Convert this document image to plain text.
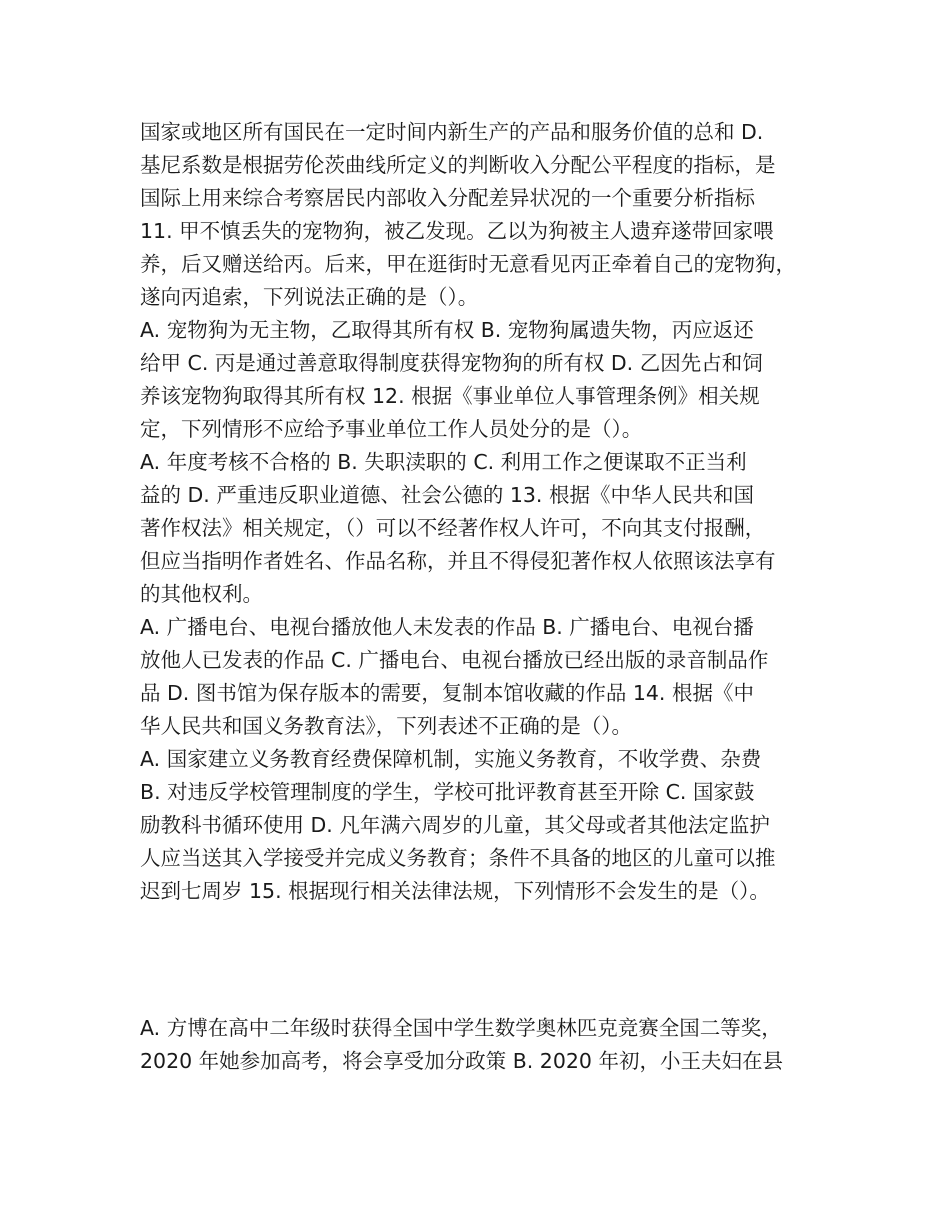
国家或地区所有国民在一定时间内新生产的产品和服务价值的总和 D.
基尼系数是根据劳伦茨曲线所定义的判断收入分配公平程度的指标，是
国际上用来综合考察居民内部收入分配差异状况的一个重要分析指标
11. 甲不慎丢失的宠物狗，被乙发现。乙以为狗被主人遗弃遂带回家喂
养，后又赠送给丙。后来，甲在逛街时无意看见丙正牵着自己的宠物狗，
遂向丙追索，下列说法正确的是（）。
A. 宠物狗为无主物，乙取得其所有权 B. 宠物狗属遗失物，丙应返还
给甲 C. 丙是通过善意取得制度获得宠物狗的所有权 D. 乙因先占和饲
养该宠物狗取得其所有权 12. 根据《事业单位人事管理条例》相关规
定，下列情形不应给予事业单位工作人员处分的是（）。
A. 年度考核不合格的 B. 失职渎职的 C. 利用工作之便谋取不正当利
益的 D. 严重违反职业道德、社会公德的 13. 根据《中华人民共和国
著作权法》相关规定，（）可以不经著作权人许可，不向其支付报酬，
但应当指明作者姓名、作品名称，并且不得侵犯著作权人依照该法享有
的其他权利。
A. 广播电台、电视台播放他人未发表的作品 B. 广播电台、电视台播
放他人已发表的作品 C. 广播电台、电视台播放已经出版的录音制品作
品 D. 图书馆为保存版本的需要，复制本馆收藏的作品 14. 根据《中
华人民共和国义务教育法》，下列表述不正确的是（）。
A. 国家建立义务教育经费保障机制，实施义务教育，不收学费、杂费
B. 对违反学校管理制度的学生，学校可批评教育甚至开除 C. 国家鼓
励教科书循环使用 D. 凡年满六周岁的儿童，其父母或者其他法定监护
人应当送其入学接受并完成义务教育；条件不具备的地区的儿童可以推
迟到七周岁 15. 根据现行相关法律法规，下列情形不会发生的是（）。
A. 方博在高中二年级时获得全国中学生数学奥林匹克竞赛全国二等奖，
2020 年她参加高考，将会享受加分政策 B. 2020 年初，小王夫妇在县
